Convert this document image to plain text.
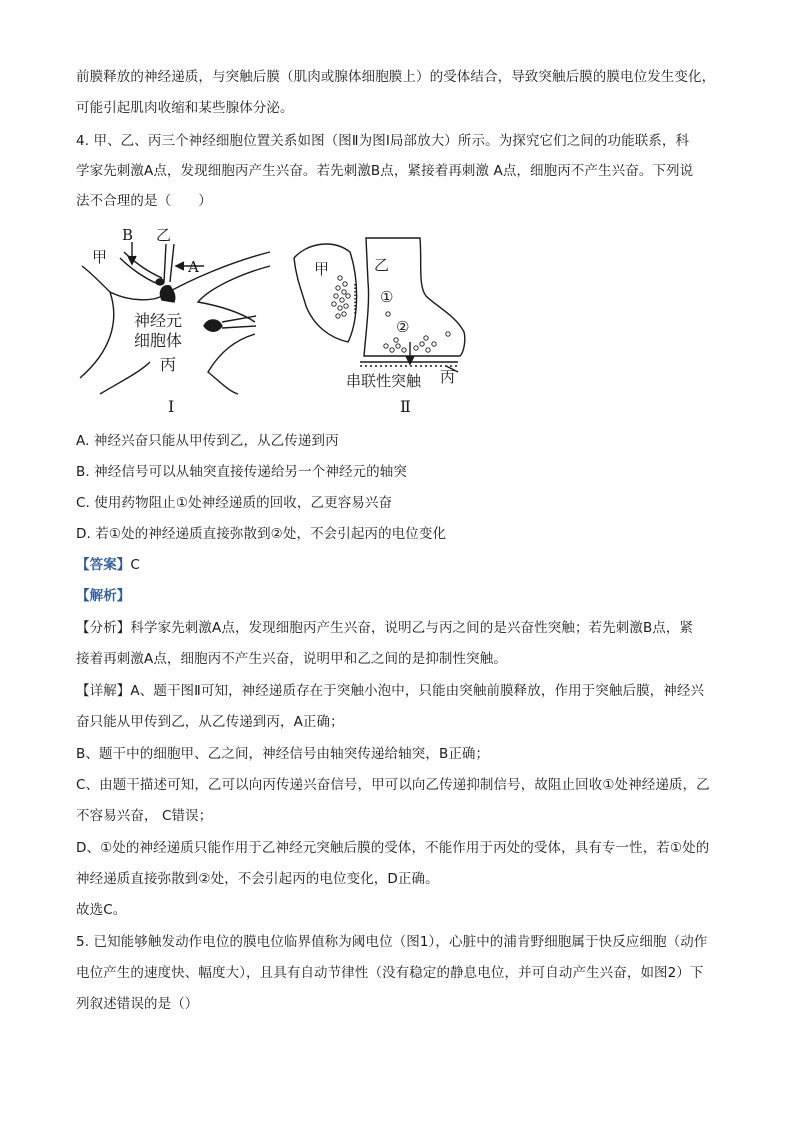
前膜释放的神经递质，与突触后膜（肌肉或腺体细胞膜上）的受体结合，导致突触后膜的膜电位发生变化，
可能引起肌肉收缩和某些腺体分泌。
4. 甲、乙、丙三个神经细胞位置关系如图（图Ⅱ为图Ⅰ局部放大）所示。为探究它们之间的功能联系，科
学家先刺激A点，发现细胞丙产生兴奋。若先刺激B点，紧接着再刺激 A点，细胞丙不产生兴奋。下列说
法不合理的是（　　）
甲
B 乙
A
神经元
细胞体
丙
Ⅰ
甲	乙
①
②
丙
串联性突触
Ⅱ
A. 神经兴奋只能从甲传到乙，从乙传递到丙
B. 神经信号可以从轴突直接传递给另一个神经元的轴突
C. 使用药物阻止①处神经递质的回收，乙更容易兴奋
D. 若①处的神经递质直接弥散到②处，不会引起丙的电位变化
【答案】C
【解析】
【分析】科学家先刺激A点，发现细胞丙产生兴奋，说明乙与丙之间的是兴奋性突触；若先刺激B点，紧
接着再刺激A点，细胞丙不产生兴奋，说明甲和乙之间的是抑制性突触。
【详解】A、题干图Ⅱ可知，神经递质存在于突触小泡中，只能由突触前膜释放，作用于突触后膜，神经兴
奋只能从甲传到乙，从乙传递到丙，A正确；
B、题干中的细胞甲、乙之间，神经信号由轴突传递给轴突，B正确；
C、由题干描述可知，乙可以向丙传递兴奋信号，甲可以向乙传递抑制信号，故阻止回收①处神经递质，乙
不容易兴奋， C错误；
D、①处的神经递质只能作用于乙神经元突触后膜的受体，不能作用于丙处的受体，具有专一性，若①处的
神经递质直接弥散到②处，不会引起丙的电位变化，D正确。
故选C。
5. 已知能够触发动作电位的膜电位临界值称为阈电位（图1），心脏中的浦肯野细胞属于快反应细胞（动作
电位产生的速度快、幅度大），且具有自动节律性（没有稳定的静息电位，并可自动产生兴奋，如图2）下
列叙述错误的是（）
